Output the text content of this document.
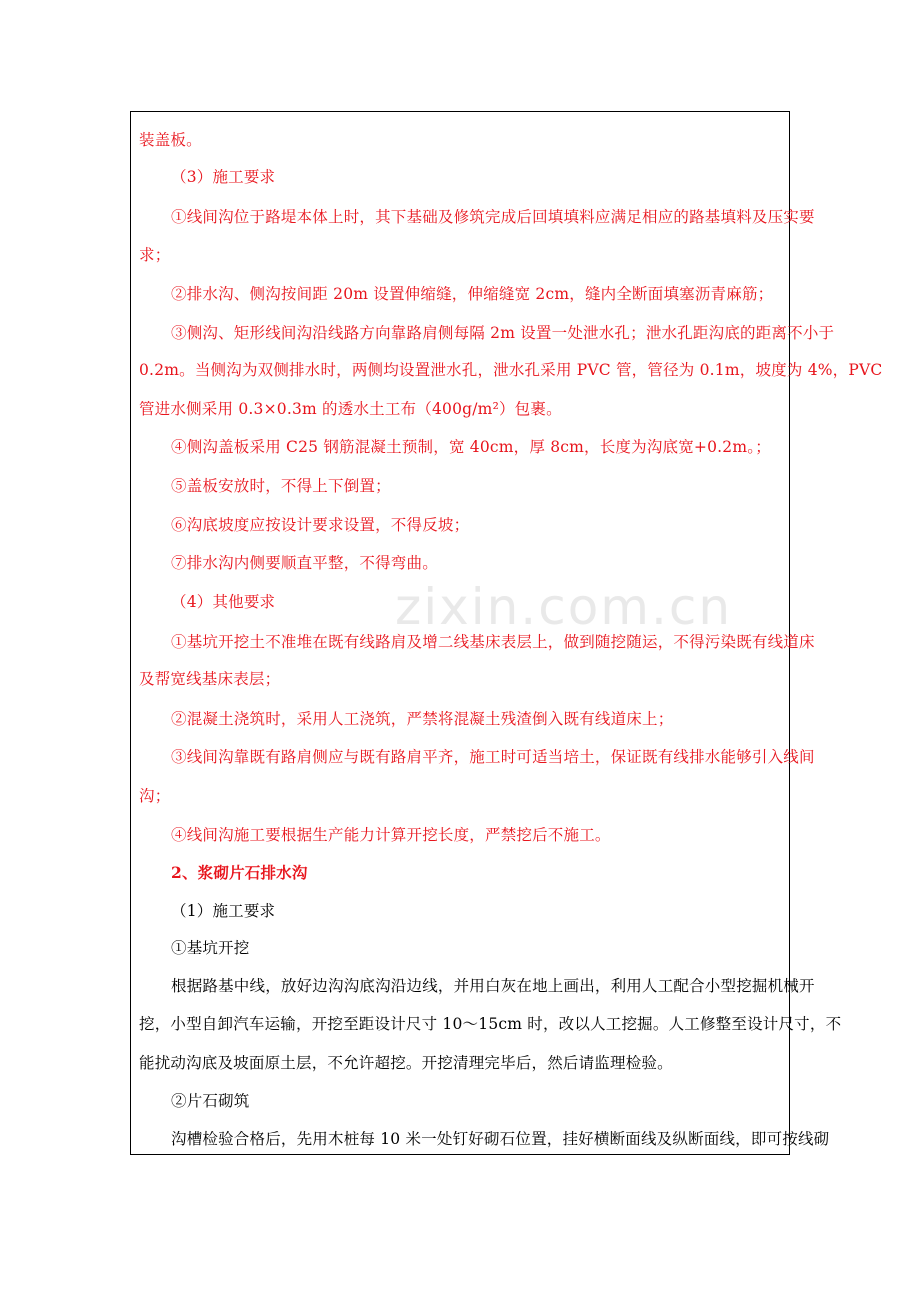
zixin.com.cn
装盖板。
（3）施工要求
①线间沟位于路堤本体上时，其下基础及修筑完成后回填填料应满足相应的路基填料及压实要
求；
②排水沟、侧沟按间距 20m 设置伸缩缝，伸缩缝宽 2cm，缝内全断面填塞沥青麻筋；
③侧沟、矩形线间沟沿线路方向靠路肩侧每隔 2m 设置一处泄水孔；泄水孔距沟底的距离不小于
0.2m。当侧沟为双侧排水时，两侧均设置泄水孔，泄水孔采用 PVC 管，管径为 0.1m，坡度为 4%，PVC
管进水侧采用 0.3×0.3m 的透水土工布（400g/m²）包裹。
④侧沟盖板采用 C25 钢筋混凝土预制，宽 40cm，厚 8cm，长度为沟底宽+0.2m。；
⑤盖板安放时，不得上下倒置；
⑥沟底坡度应按设计要求设置，不得反坡；
⑦排水沟内侧要顺直平整，不得弯曲。
（4）其他要求
①基坑开挖土不准堆在既有线路肩及增二线基床表层上，做到随挖随运，不得污染既有线道床
及帮宽线基床表层；
②混凝土浇筑时，采用人工浇筑，严禁将混凝土残渣倒入既有线道床上；
③线间沟靠既有路肩侧应与既有路肩平齐，施工时可适当培土，保证既有线排水能够引入线间
沟；
④线间沟施工要根据生产能力计算开挖长度，严禁挖后不施工。
2、浆砌片石排水沟
（1）施工要求
①基坑开挖
根据路基中线，放好边沟沟底沟沿边线，并用白灰在地上画出，利用人工配合小型挖掘机械开
挖，小型自卸汽车运输，开挖至距设计尺寸 10～15cm 时，改以人工挖掘。人工修整至设计尺寸，不
能扰动沟底及坡面原土层，不允许超挖。开挖清理完毕后，然后请监理检验。
②片石砌筑
沟槽检验合格后，先用木桩每 10 米一处钉好砌石位置，挂好横断面线及纵断面线，即可按线砌
